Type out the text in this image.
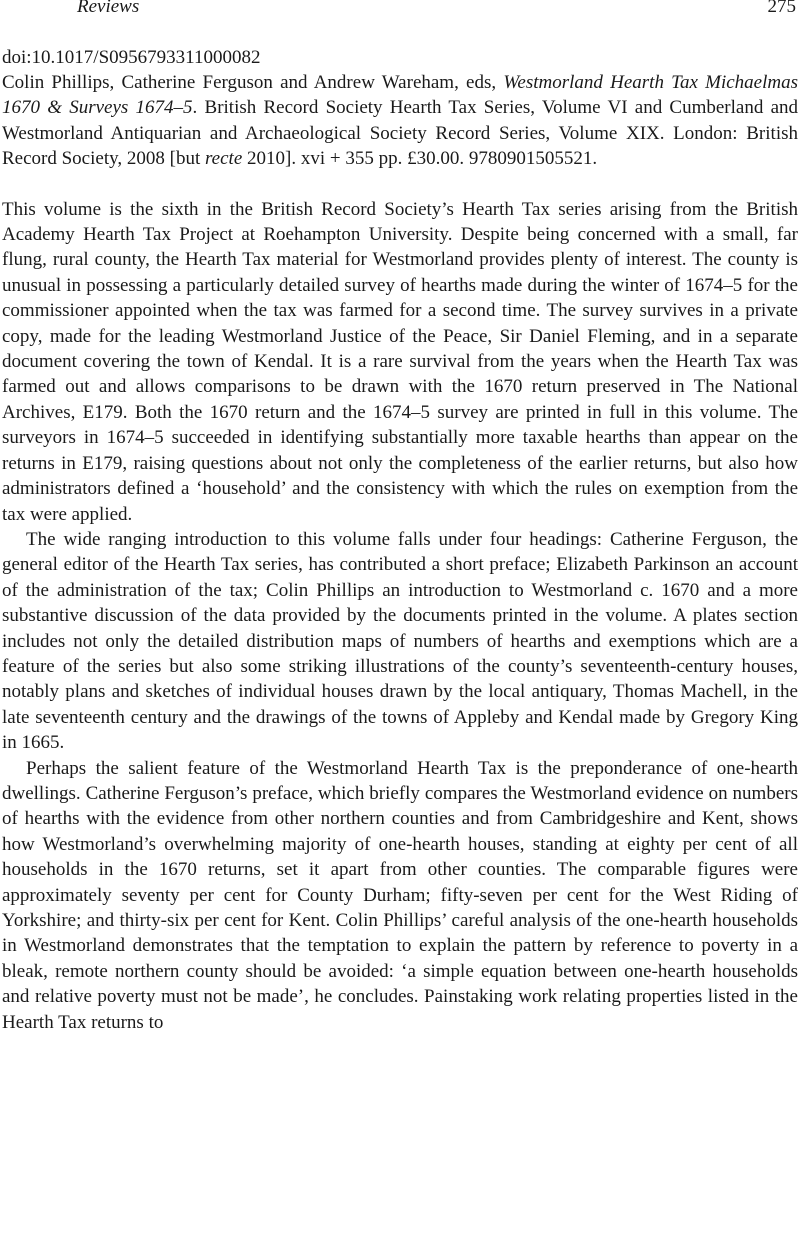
Reviews	275
doi:10.1017/S0956793311000082

Colin Phillips, Catherine Ferguson and Andrew Wareham, eds, Westmorland Hearth Tax Michaelmas 1670 & Surveys 1674–5. British Record Society Hearth Tax Series, Volume VI and Cumberland and Westmorland Antiquarian and Archaeological Society Record Series, Volume XIX. London: British Record Society, 2008 [but recte 2010]. xvi + 355 pp. £30.00. 9780901505521.

This volume is the sixth in the British Record Society’s Hearth Tax series arising from the British Academy Hearth Tax Project at Roehampton University. Despite being concerned with a small, far flung, rural county, the Hearth Tax material for Westmorland provides plenty of interest. The county is unusual in possessing a particularly detailed survey of hearths made during the winter of 1674–5 for the commissioner appointed when the tax was farmed for a second time. The survey survives in a private copy, made for the leading Westmorland Justice of the Peace, Sir Daniel Fleming, and in a separate document covering the town of Kendal. It is a rare survival from the years when the Hearth Tax was farmed out and allows comparisons to be drawn with the 1670 return preserved in The National Archives, E179. Both the 1670 return and the 1674–5 survey are printed in full in this volume. The surveyors in 1674–5 succeeded in identifying substantially more taxable hearths than appear on the returns in E179, raising questions about not only the completeness of the earlier returns, but also how administrators defined a ‘household’ and the consistency with which the rules on exemption from the tax were applied.

The wide ranging introduction to this volume falls under four headings: Catherine Ferguson, the general editor of the Hearth Tax series, has contributed a short preface; Elizabeth Parkinson an account of the administration of the tax; Colin Phillips an introduction to Westmorland c. 1670 and a more substantive discussion of the data provided by the documents printed in the volume. A plates section includes not only the detailed distribution maps of numbers of hearths and exemptions which are a feature of the series but also some striking illustrations of the county’s seventeenth-century houses, notably plans and sketches of individual houses drawn by the local antiquary, Thomas Machell, in the late seventeenth century and the drawings of the towns of Appleby and Kendal made by Gregory King in 1665.

Perhaps the salient feature of the Westmorland Hearth Tax is the preponderance of one-hearth dwellings. Catherine Ferguson’s preface, which briefly compares the Westmorland evidence on numbers of hearths with the evidence from other northern counties and from Cambridgeshire and Kent, shows how Westmorland’s overwhelming majority of one-hearth houses, standing at eighty per cent of all households in the 1670 returns, set it apart from other counties. The comparable figures were approximately seventy per cent for County Durham; fifty-seven per cent for the West Riding of Yorkshire; and thirty-six per cent for Kent. Colin Phillips’ careful analysis of the one-hearth households in Westmorland demonstrates that the temptation to explain the pattern by reference to poverty in a bleak, remote northern county should be avoided: ‘a simple equation between one-hearth households and relative poverty must not be made’, he concludes. Painstaking work relating properties listed in the Hearth Tax returns to
